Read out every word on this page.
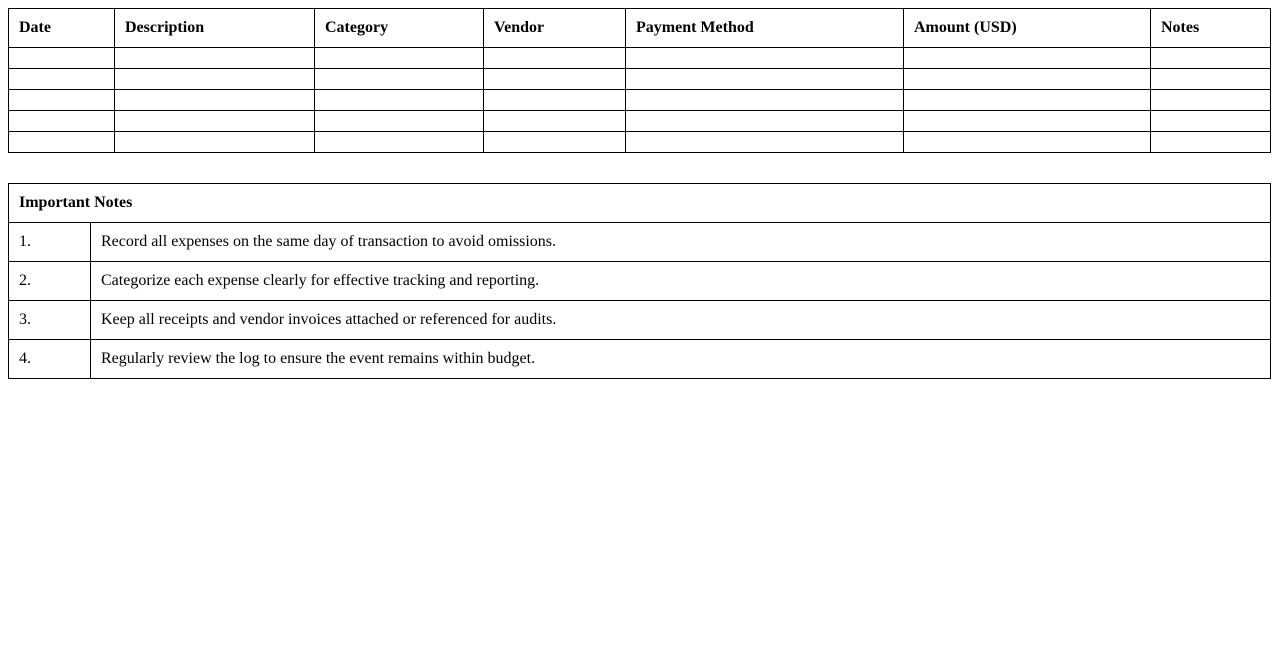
Date	Description	Category	Vendor	Payment Method	Amount (USD)	Notes

Important Notes	
1.	Record all expenses on the same day of transaction to avoid omissions.
2.	Categorize each expense clearly for effective tracking and reporting.
3.	Keep all receipts and vendor invoices attached or referenced for audits.
4.	Regularly review the log to ensure the event remains within budget.
